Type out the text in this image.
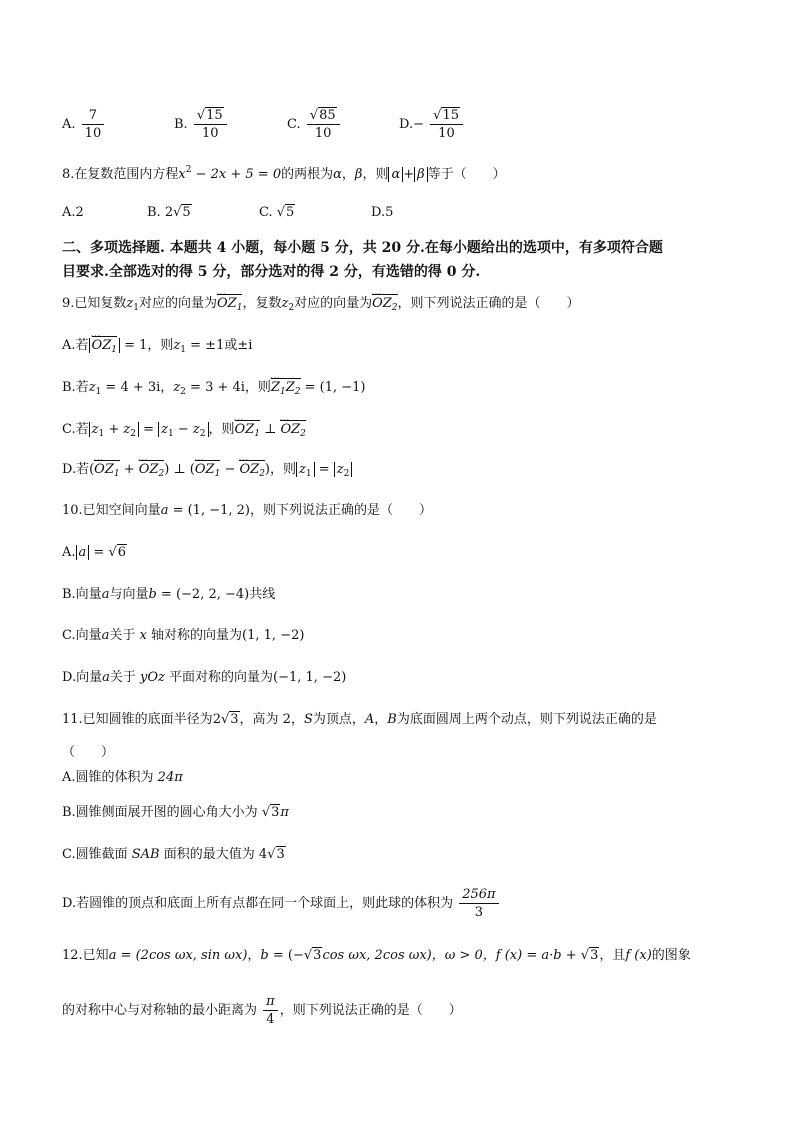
A. $\frac{7}{10}$	B. $\frac{√15}{10}$	C. $\frac{√85}{10}$	$D.- \frac{√15}{10}$
8.在复数范围内方程$x^2 - 2x + 5 = 0$的两根为α，β，则 α + β 等于（　　）
A.2	B. 2√5	C. √5	D.5
二、多项选择题. 本题共 4 小题，每小题 5 分，共 20 分.在每小题给出的选项中，有多项符合题
目要求.全部选对的得 5 分，部分选对的得 2 分，有选错的得 0 分.
9.已知复数$z_1$对应的向量为
ꞈꞈꞈ
$OZ_1$，复数$z_2$对应的向量为
ꞈꞈꞈ
$OZ_2$，则下列说法正确的是（　　）
A.若
ꞈꞈꞈ
$OZ_1 = 1$，则$z_1 = \pm 1$或±i
B.若$z_1 = 4 + 3i$，$z_2 = 3 + 4i$，则
ꞈꞈꞈ
$Z_1Z_2 = (1$, −1)
C.若 $z_1 + z_2 = z_1 - z_2$ ，则
ꞈꞈꞈ
$OZ_1$ ⊥
ꞈꞈꞈ
$OZ_2$
D.若(
ꞈꞈꞈ
$OZ_1$ +
ꞈꞈꞈ
$OZ_2$) ⊥ (
ꞈꞈꞈ
$OZ_1$ −
ꞈꞈꞈ
$OZ_2$)，则 $z_1 = z_2$
10.已知空间向量a = (1, −1, 2)，则下列说法正确的是（　　）
A. a = √6
B.向量a与向量b = (−2, 2, −4)共线
C.向量a关于 x 轴对称的向量为(1, 1, −2)
D.向量a关于 yOz 平面对称的向量为(−1, 1, −2)
11.已知圆锥的底面半径为2√3，高为 2，S为顶点，A，B为底面圆周上两个动点，则下列说法正确的是
（　　）
A.圆锥的体积为 24π
B.圆锥侧面展开图的圆心角大小为 √3π
C.圆锥截面 SAB 面积的最大值为 4√3
D.若圆锥的顶点和底面上所有点都在同一个球面上，则此球的体积为 $\frac{256\pi}{3}$
12.已知a = (2cos ωx, sin ωx)，b = (−√3cos ωx, 2cos ωx)，ω > 0，f (x) = a·b + √3，且f (x)的图象
的对称中心与对称轴的最小距离为 $\frac{\pi}{4}$ ，则下列说法正确的是（　　）
